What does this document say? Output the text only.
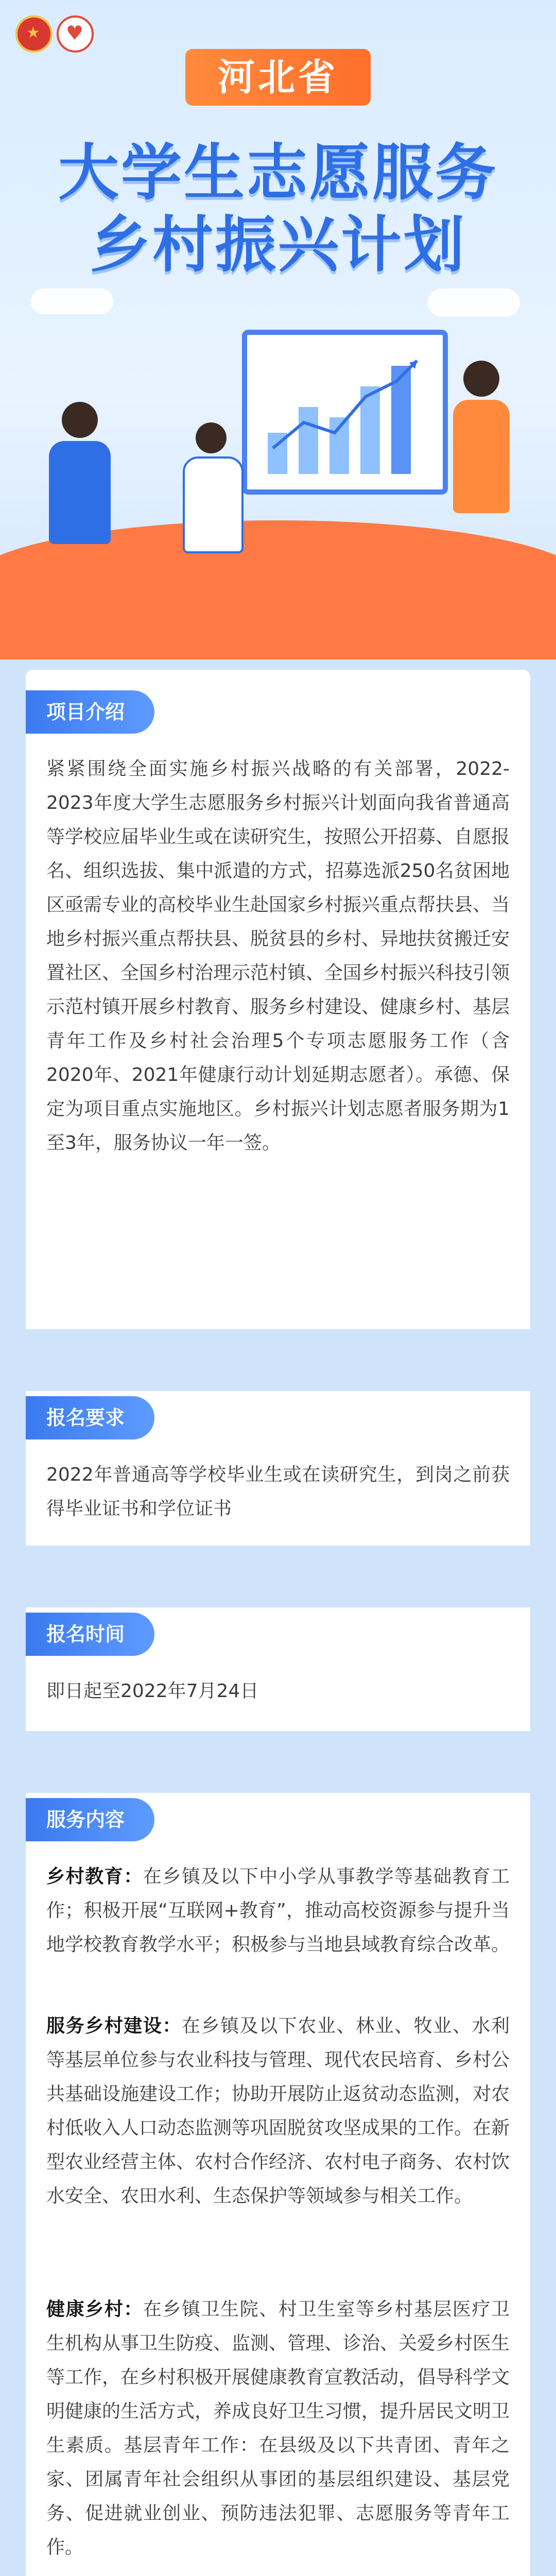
★
♥
河北省
大学生志愿服务
乡村振兴计划
项目介绍
紧紧围绕全面实施乡村振兴战略的有关部署，2022-2023年度大学生志愿服务乡村振兴计划面向我省普通高等学校应届毕业生或在读研究生，按照公开招募、自愿报名、组织选拔、集中派遣的方式，招募选派250名贫困地区亟需专业的高校毕业生赴国家乡村振兴重点帮扶县、当地乡村振兴重点帮扶县、脱贫县的乡村、异地扶贫搬迁安置社区、全国乡村治理示范村镇、全国乡村振兴科技引领示范村镇开展乡村教育、服务乡村建设、健康乡村、基层青年工作及乡村社会治理5个专项志愿服务工作（含2020年、2021年健康行动计划延期志愿者）。承德、保定为项目重点实施地区。乡村振兴计划志愿者服务期为1至3年，服务协议一年一签。
报名要求
2022年普通高等学校毕业生或在读研究生，到岗之前获得毕业证书和学位证书
报名时间
即日起至2022年7月24日
服务内容
乡村教育：在乡镇及以下中小学从事教学等基础教育工作；积极开展“互联网+教育”，推动高校资源参与提升当地学校教育教学水平；积极参与当地县域教育综合改革。
服务乡村建设：在乡镇及以下农业、林业、牧业、水利等基层单位参与农业科技与管理、现代农民培育、乡村公共基础设施建设工作；协助开展防止返贫动态监测，对农村低收入人口动态监测等巩固脱贫攻坚成果的工作。在新型农业经营主体、农村合作经济、农村电子商务、农村饮水安全、农田水利、生态保护等领域参与相关工作。
健康乡村：在乡镇卫生院、村卫生室等乡村基层医疗卫生机构从事卫生防疫、监测、管理、诊治、关爱乡村医生等工作，在乡村积极开展健康教育宣教活动，倡导科学文明健康的生活方式，养成良好卫生习惯，提升居民文明卫生素质。基层青年工作：在县级及以下共青团、青年之家、团属青年社会组织从事团的基层组织建设、基层党务、促进就业创业、预防违法犯罪、志愿服务等青年工作。
